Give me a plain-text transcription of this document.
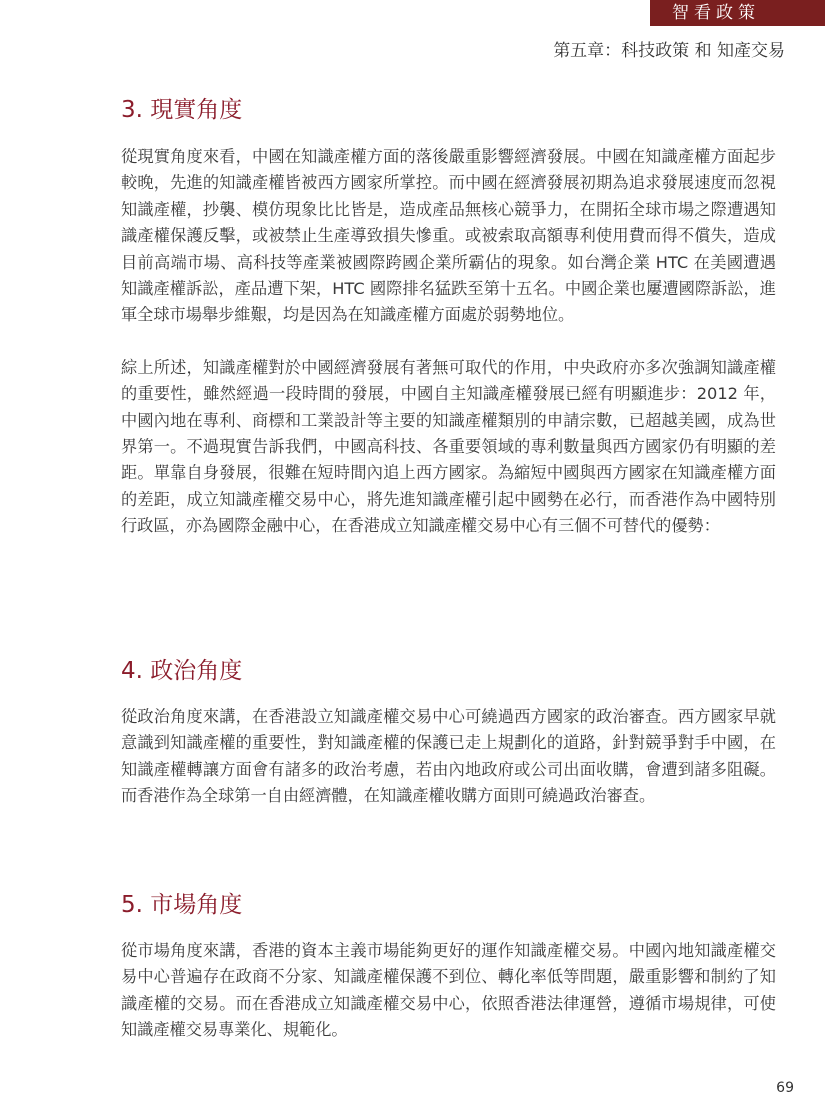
智看政策
第五章：科技政策 和 知產交易
3. 現實角度

從現實角度來看，中國在知識產權方面的落後嚴重影響經濟發展。中國在知識產權方面起步較晚，先進的知識產權皆被西方國家所掌控。而中國在經濟發展初期為追求發展速度而忽視知識產權，抄襲、模仿現象比比皆是，造成產品無核心競爭力，在開拓全球市場之際遭遇知識產權保護反擊，或被禁止生產導致損失慘重。或被索取高額專利使用費而得不償失，造成目前高端市場、高科技等產業被國際跨國企業所霸佔的現象。如台灣企業 HTC 在美國遭遇知識產權訴訟，產品遭下架，HTC 國際排名猛跌至第十五名。中國企業也屢遭國際訴訟，進軍全球市場舉步維艱，均是因為在知識產權方面處於弱勢地位。

綜上所述，知識產權對於中國經濟發展有著無可取代的作用，中央政府亦多次強調知識產權的重要性，雖然經過一段時間的發展，中國自主知識產權發展已經有明顯進步：2012 年，中國內地在專利、商標和工業設計等主要的知識產權類別的申請宗數，已超越美國，成為世界第一。不過現實告訴我們，中國高科技、各重要領域的專利數量與西方國家仍有明顯的差距。單靠自身發展，很難在短時間內追上西方國家。為縮短中國與西方國家在知識產權方面的差距，成立知識產權交易中心，將先進知識產權引起中國勢在必行，而香港作為中國特別行政區，亦為國際金融中心，在香港成立知識產權交易中心有三個不可替代的優勢：

4. 政治角度

從政治角度來講，在香港設立知識產權交易中心可繞過西方國家的政治審查。西方國家早就意識到知識產權的重要性，對知識產權的保護已走上規劃化的道路，針對競爭對手中國，在知識產權轉讓方面會有諸多的政治考慮，若由內地政府或公司出面收購，會遭到諸多阻礙。而香港作為全球第一自由經濟體，在知識產權收購方面則可繞過政治審查。

5. 市場角度

從市場角度來講，香港的資本主義市場能夠更好的運作知識產權交易。中國內地知識產權交易中心普遍存在政商不分家、知識產權保護不到位、轉化率低等問題，嚴重影響和制約了知識產權的交易。而在香港成立知識產權交易中心，依照香港法律運營，遵循市場規律，可使知識產權交易專業化、規範化。

69
